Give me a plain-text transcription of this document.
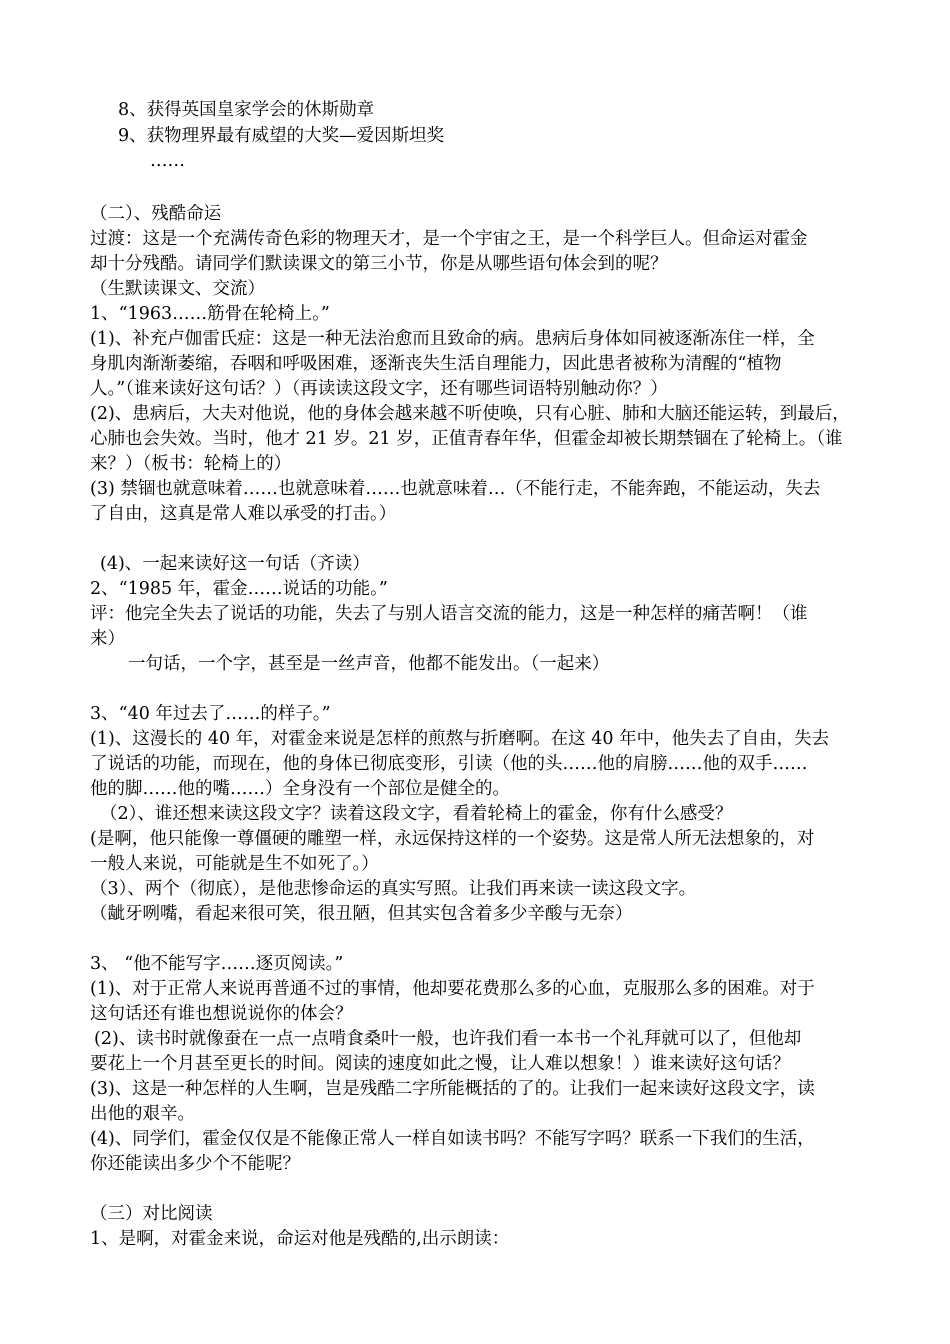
8、获得英国皇家学会的休斯勋章
9、获物理界最有威望的大奖—爱因斯坦奖
……
（二）、残酷命运
过渡：这是一个充满传奇色彩的物理天才，是一个宇宙之王，是一个科学巨人。但命运对霍金
却十分残酷。请同学们默读课文的第三小节，你是从哪些语句体会到的呢？
（生默读课文、交流）
1、“1963……筋骨在轮椅上。”
(1)、补充卢伽雷氏症：这是一种无法治愈而且致命的病。患病后身体如同被逐渐冻住一样，全
身肌肉渐渐萎缩，吞咽和呼吸困难，逐渐丧失生活自理能力，因此患者被称为清醒的“植物
人。”（谁来读好这句话？）（再读读这段文字，还有哪些词语特别触动你？）
(2)、患病后，大夫对他说，他的身体会越来越不听使唤，只有心脏、肺和大脑还能运转，到最后，
心肺也会失效。当时，他才 21 岁。21 岁，正值青春年华，但霍金却被长期禁锢在了轮椅上。（谁
来？）（板书：轮椅上的）
(3) 禁锢也就意味着……也就意味着……也就意味着…（不能行走，不能奔跑，不能运动，失去
了自由，这真是常人难以承受的打击。）
(4)、一起来读好这一句话（齐读）
2、“1985 年，霍金……说话的功能。”
评：他完全失去了说话的功能，失去了与别人语言交流的能力，这是一种怎样的痛苦啊！（谁
来）
一句话，一个字，甚至是一丝声音，他都不能发出。（一起来）
3、“40 年过去了……的样子。”
(1)、这漫长的 40 年，对霍金来说是怎样的煎熬与折磨啊。在这 40 年中，他失去了自由，失去
了说话的功能，而现在，他的身体已彻底变形，引读（他的头……他的肩膀……他的双手……
他的脚……他的嘴……）全身没有一个部位是健全的。
（2）、谁还想来读这段文字？读着这段文字，看着轮椅上的霍金，你有什么感受？
(是啊，他只能像一尊僵硬的雕塑一样，永远保持这样的一个姿势。这是常人所无法想象的，对
一般人来说，可能就是生不如死了。）
（3）、两个（彻底），是他悲惨命运的真实写照。让我们再来读一读这段文字。
（龇牙咧嘴，看起来很可笑，很丑陋，但其实包含着多少辛酸与无奈）
3、 “他不能写字……逐页阅读。”
(1)、对于正常人来说再普通不过的事情，他却要花费那么多的心血，克服那么多的困难。对于
这句话还有谁也想说说你的体会？
(2)、读书时就像蚕在一点一点啃食桑叶一般，也许我们看一本书一个礼拜就可以了，但他却
要花上一个月甚至更长的时间。阅读的速度如此之慢，让人难以想象！）谁来读好这句话？
(3)、这是一种怎样的人生啊，岂是残酷二字所能概括的了的。让我们一起来读好这段文字，读
出他的艰辛。
(4)、同学们，霍金仅仅是不能像正常人一样自如读书吗？不能写字吗？联系一下我们的生活，
你还能读出多少个不能呢？
（三）对比阅读
1、是啊，对霍金来说，命运对他是残酷的,出示朗读：
